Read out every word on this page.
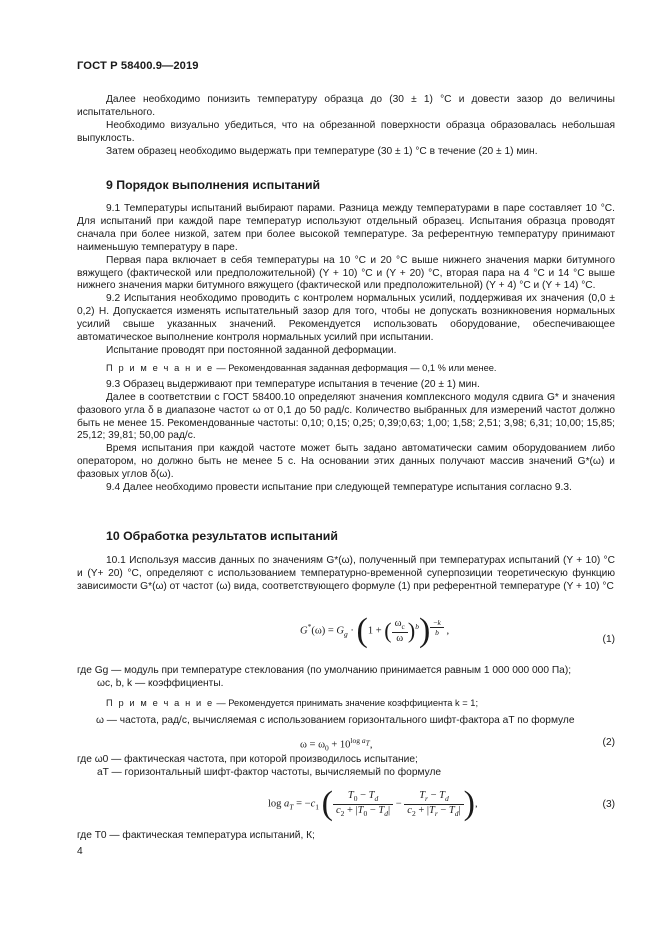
ГОСТ Р 58400.9—2019

Далее необходимо понизить температуру образца до (30 ± 1) °С и довести зазор до величины испытательного.

Необходимо визуально убедиться, что на обрезанной поверхности образца образовалась небольшая выпуклость.

Затем образец необходимо выдержать при температуре (30 ± 1) °С в течение (20 ± 1) мин.

9 Порядок выполнения испытаний

9.1 Температуры испытаний выбирают парами. Разница между температурами в паре составляет 10 °С. Для испытаний при каждой паре температур используют отдельный образец. Испытания образца проводят сначала при более низкой, затем при более высокой температуре. За референтную температуру принимают наименьшую температуру в паре.

Первая пара включает в себя температуры на 10 °С и 20 °С выше нижнего значения марки битумного вяжущего (фактической или предположительной) (Y + 10) °С и (Y + 20) °С, вторая пара на 4 °С и 14 °С выше нижнего значения марки битумного вяжущего (фактической или предположительной) (Y + 4) °С и (Y + 14) °С.

9.2 Испытания необходимо проводить с контролем нормальных усилий, поддерживая их значения (0,0 ± 0,2) Н. Допускается изменять испытательный зазор для того, чтобы не допускать возникновения нормальных усилий свыше указанных значений. Рекомендуется использовать оборудование, обеспечивающее автоматическое выполнение контроля нормальных усилий при испытании.

Испытание проводят при постоянной заданной деформации.

П р и м е ч а н и е — Рекомендованная заданная деформация — 0,1 % или менее.

9.3 Образец выдерживают при температуре испытания в течение (20 ± 1) мин.

Далее в соответствии с ГОСТ 58400.10 определяют значения комплексного модуля сдвига G* и значения фазового угла δ в диапазоне частот ω от 0,1 до 50 рад/с. Количество выбранных для измерений частот должно быть не менее 15. Рекомендованные частоты: 0,10; 0,15; 0,25; 0,39;0,63; 1,00; 1,58; 2,51; 3,98; 6,31; 10,00; 15,85; 25,12; 39,81; 50,00 рад/с.

Время испытания при каждой частоте может быть задано автоматически самим оборудованием либо оператором, но должно быть не менее 5 с. На основании этих данных получают массив значений G*(ω) и фазовых углов δ(ω).

9.4 Далее необходимо провести испытание при следующей температуре испытания согласно 9.3.

10 Обработка результатов испытаний

10.1 Используя массив данных по значениям G*(ω), полученный при температурах испытаний (Y + 10) °С и (Y+ 20) °С, определяют с использованием температурно-временной суперпозиции теоретическую функцию зависимости G*(ω) от частот (ω) вида, соответствующего формуле (1) при референтной температуре (Y + 10) °С

$G^*(\omega) = G_g \cdot (1$ + ( $\frac{\omega_c}{\omega} )^b$) $^{\frac{-k}{b}}$ ,
(1)

где Gg — модуль при температуре стеклования (по умолчанию принимается равным 1 000 000 000 Па);

ωc, b, k — коэффициенты.

П р и м е ч а н и е — Рекомендуется принимать значение коэффициента k = 1;
ω — частота, рад/с, вычисляемая с использованием горизонтального шифт-фактора aT по формуле
$\omega = \omega_0 + 10^{log a_T}$,	(2)

где ω0 — фактическая частота, при которой производилось испытание;

aT — горизонтальный шифт-фактор частоты, вычисляемый по формуле

$\log a_T = -c_1$ ( $\frac{T_0 - T_d}{c_2 + |T_0 - T_d|} - \frac{T_r - T_d}{c_2 + |T_r - T_d|}$ ),	(3)

где T0 — фактическая температура испытаний, К;

4
